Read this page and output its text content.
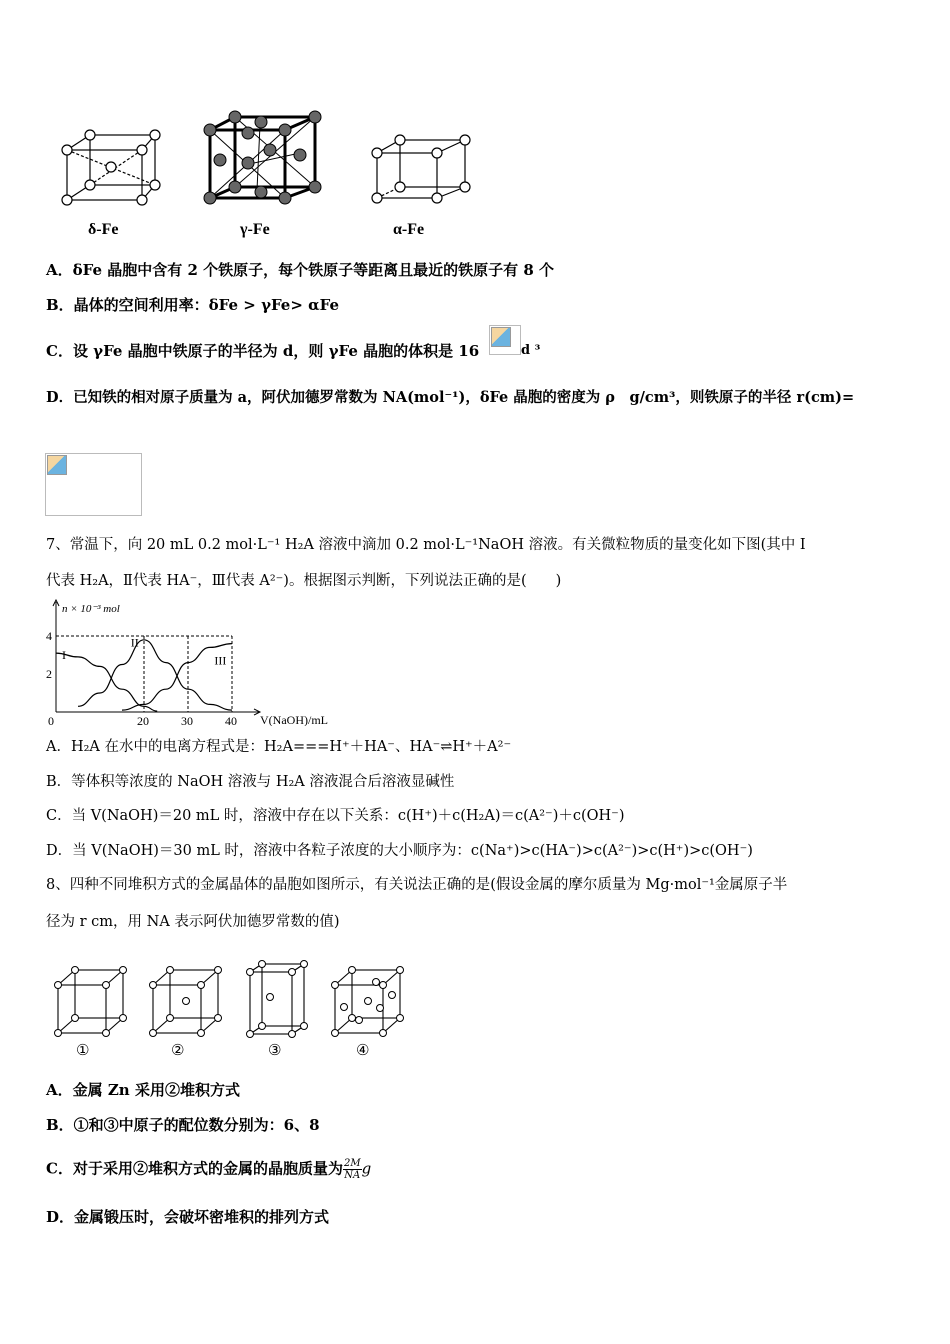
δ-Fe	γ-Fe	α-Fe
A．δFe 晶胞中含有 2 个铁原子，每个铁原子等距离且最近的铁原子有 8 个
B．晶体的空间利用率：δFe > γFe> αFe
C．设 γFe 晶胞中铁原子的半径为 d，则 γFe 晶胞的体积是 16	d ³
D．已知铁的相对原子质量为 a，阿伏加德罗常数为 NA(mol⁻¹)，δFe 晶胞的密度为 ρ　g/cm³，则铁原子的半径 r(cm)=
7、常温下，向 20 mL 0.2 mol·L⁻¹ H₂A 溶液中滴加 0.2 mol·L⁻¹NaOH 溶液。有关微粒物质的量变化如下图(其中 I
代表 H₂A，Ⅱ代表 HA⁻，Ⅲ代表 A²⁻)。根据图示判断，下列说法正确的是(　　)
0	20	30	40
4
2
n × 10⁻³ mol
V(NaOH)/mL
I
II
III
A．H₂A 在水中的电离方程式是：H₂A===H⁺＋HA⁻、HA⁻⇌H⁺＋A²⁻
B．等体积等浓度的 NaOH 溶液与 H₂A 溶液混合后溶液显碱性
C．当 V(NaOH)＝20 mL 时，溶液中存在以下关系：c(H⁺)＋c(H₂A)＝c(A²⁻)＋c(OH⁻)
D．当 V(NaOH)＝30 mL 时，溶液中各粒子浓度的大小顺序为：c(Na⁺)>c(HA⁻)>c(A²⁻)>c(H⁺)>c(OH⁻)
8、四种不同堆积方式的金属晶体的晶胞如图所示，有关说法正确的是(假设金属的摩尔质量为 Mg·mol⁻¹金属原子半
径为 r cm，用 NA 表示阿伏加德罗常数的值)
①	②	③	④
A．金属 Zn 采用②堆积方式
B．①和③中原子的配位数分别为：6、8
C．对于采用②堆积方式的金属的晶胞质量为 $\frac{2M}{NA}$ g
D．金属锻压时，会破坏密堆积的排列方式
